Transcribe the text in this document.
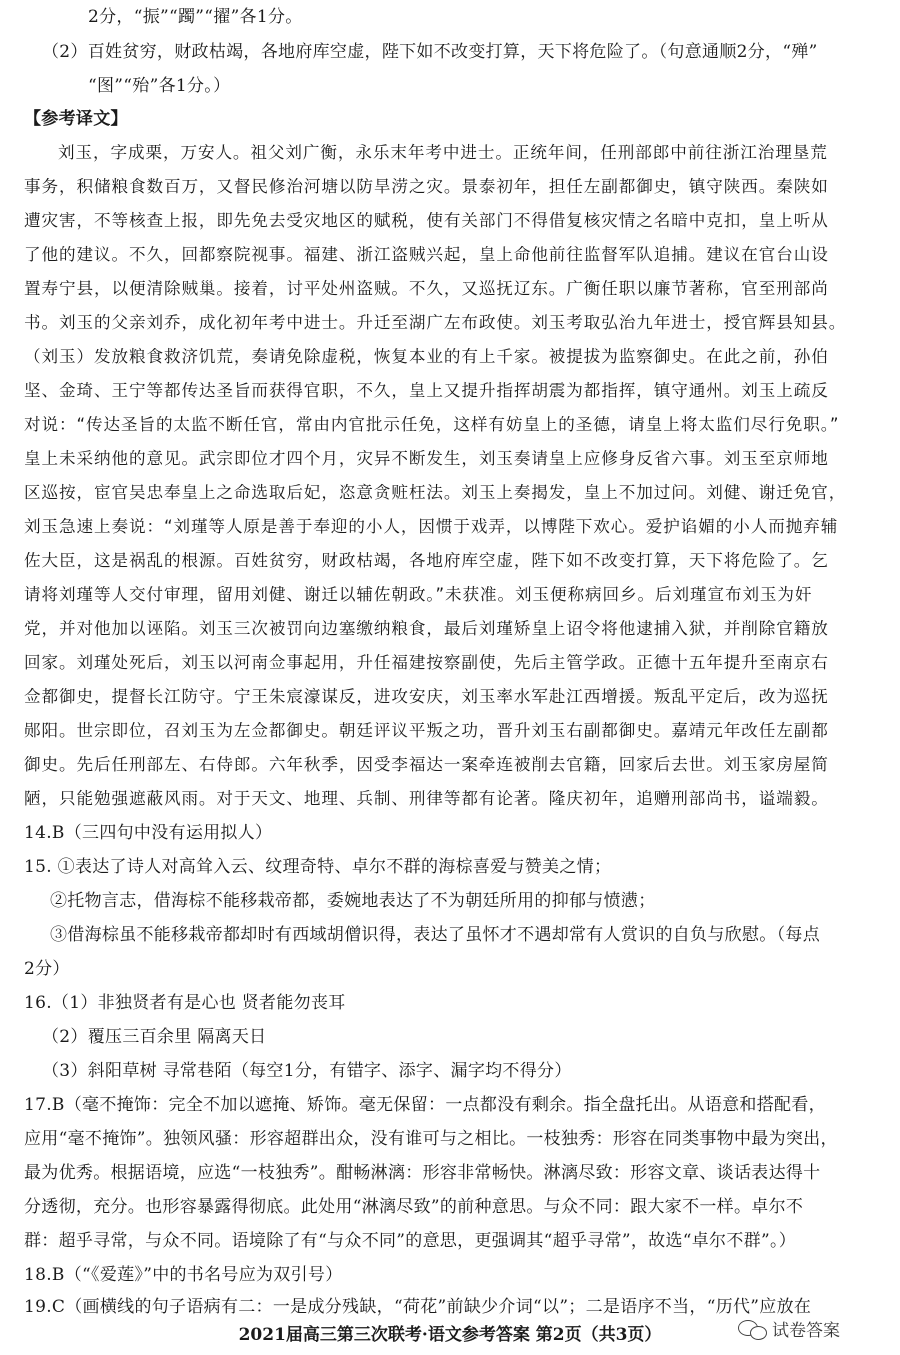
2分，“振”“躅”“擢”各1分。
（2）百姓贫穷，财政枯竭，各地府库空虚，陛下如不改变打算，天下将危险了。（句意通顺2分，“殚”
“图”“殆”各1分。）
【参考译文】
刘玉，字成栗，万安人。祖父刘广衡，永乐末年考中进士。正统年间，任刑部郎中前往浙江治理垦荒
事务，积储粮食数百万，又督民修治河塘以防旱涝之灾。景泰初年，担任左副都御史，镇守陕西。秦陕如
遭灾害，不等核查上报，即先免去受灾地区的赋税，使有关部门不得借复核灾情之名暗中克扣，皇上听从
了他的建议。不久，回都察院视事。福建、浙江盗贼兴起，皇上命他前往监督军队追捕。建议在官台山设
置寿宁县，以便清除贼巢。接着，讨平处州盗贼。不久，又巡抚辽东。广衡任职以廉节著称，官至刑部尚
书。刘玉的父亲刘乔，成化初年考中进士。升迁至湖广左布政使。刘玉考取弘治九年进士，授官辉县知县。
（刘玉）发放粮食救济饥荒，奏请免除虚税，恢复本业的有上千家。被提拔为监察御史。在此之前，孙伯
坚、金琦、王宁等都传达圣旨而获得官职，不久，皇上又提升指挥胡震为都指挥，镇守通州。刘玉上疏反
对说：“传达圣旨的太监不断任官，常由内官批示任免，这样有妨皇上的圣德，请皇上将太监们尽行免职。”
皇上未采纳他的意见。武宗即位才四个月，灾异不断发生，刘玉奏请皇上应修身反省六事。刘玉至京师地
区巡按，宦官吴忠奉皇上之命选取后妃，恣意贪赃枉法。刘玉上奏揭发，皇上不加过问。刘健、谢迁免官，
刘玉急速上奏说：“刘瑾等人原是善于奉迎的小人，因惯于戏弄，以博陛下欢心。爱护谄媚的小人而抛弃辅
佐大臣，这是祸乱的根源。百姓贫穷，财政枯竭，各地府库空虚，陛下如不改变打算，天下将危险了。乞
请将刘瑾等人交付审理，留用刘健、谢迁以辅佐朝政。”未获准。刘玉便称病回乡。后刘瑾宣布刘玉为奸
党，并对他加以诬陷。刘玉三次被罚向边塞缴纳粮食，最后刘瑾矫皇上诏令将他逮捕入狱，并削除官籍放
回家。刘瑾处死后，刘玉以河南佥事起用，升任福建按察副使，先后主管学政。正德十五年提升至南京右
佥都御史，提督长江防守。宁王朱宸濠谋反，进攻安庆，刘玉率水军赴江西增援。叛乱平定后，改为巡抚
郧阳。世宗即位，召刘玉为左佥都御史。朝廷评议平叛之功，晋升刘玉右副都御史。嘉靖元年改任左副都
御史。先后任刑部左、右侍郎。六年秋季，因受李福达一案牵连被削去官籍，回家后去世。刘玉家房屋简
陋，只能勉强遮蔽风雨。对于天文、地理、兵制、刑律等都有论著。隆庆初年，追赠刑部尚书，谥端毅。
14.B（三四句中没有运用拟人）
15. ①表达了诗人对高耸入云、纹理奇特、卓尔不群的海棕喜爱与赞美之情；
②托物言志，借海棕不能移栽帝都，委婉地表达了不为朝廷所用的抑郁与愤懑；
③借海棕虽不能移栽帝都却时有西域胡僧识得，表达了虽怀才不遇却常有人赏识的自负与欣慰。（每点
2分）
16.（1）非独贤者有是心也 贤者能勿丧耳
（2）覆压三百余里 隔离天日
（3）斜阳草树 寻常巷陌（每空1分，有错字、添字、漏字均不得分）
17.B（毫不掩饰：完全不加以遮掩、矫饰。毫无保留：一点都没有剩余。指全盘托出。从语意和搭配看，
应用“毫不掩饰”。独领风骚：形容超群出众，没有谁可与之相比。一枝独秀：形容在同类事物中最为突出，
最为优秀。根据语境，应选“一枝独秀”。酣畅淋漓：形容非常畅快。淋漓尽致：形容文章、谈话表达得十
分透彻，充分。也形容暴露得彻底。此处用“淋漓尽致”的前种意思。与众不同：跟大家不一样。卓尔不
群：超乎寻常，与众不同。语境除了有“与众不同”的意思，更强调其“超乎寻常”，故选“卓尔不群”。）
18.B（“《爱莲》”中的书名号应为双引号）
19.C（画横线的句子语病有二：一是成分残缺，“荷花”前缺少介词“以”；二是语序不当，“历代”应放在
2021届高三第三次联考·语文参考答案 第2页（共3页）	试卷答案
